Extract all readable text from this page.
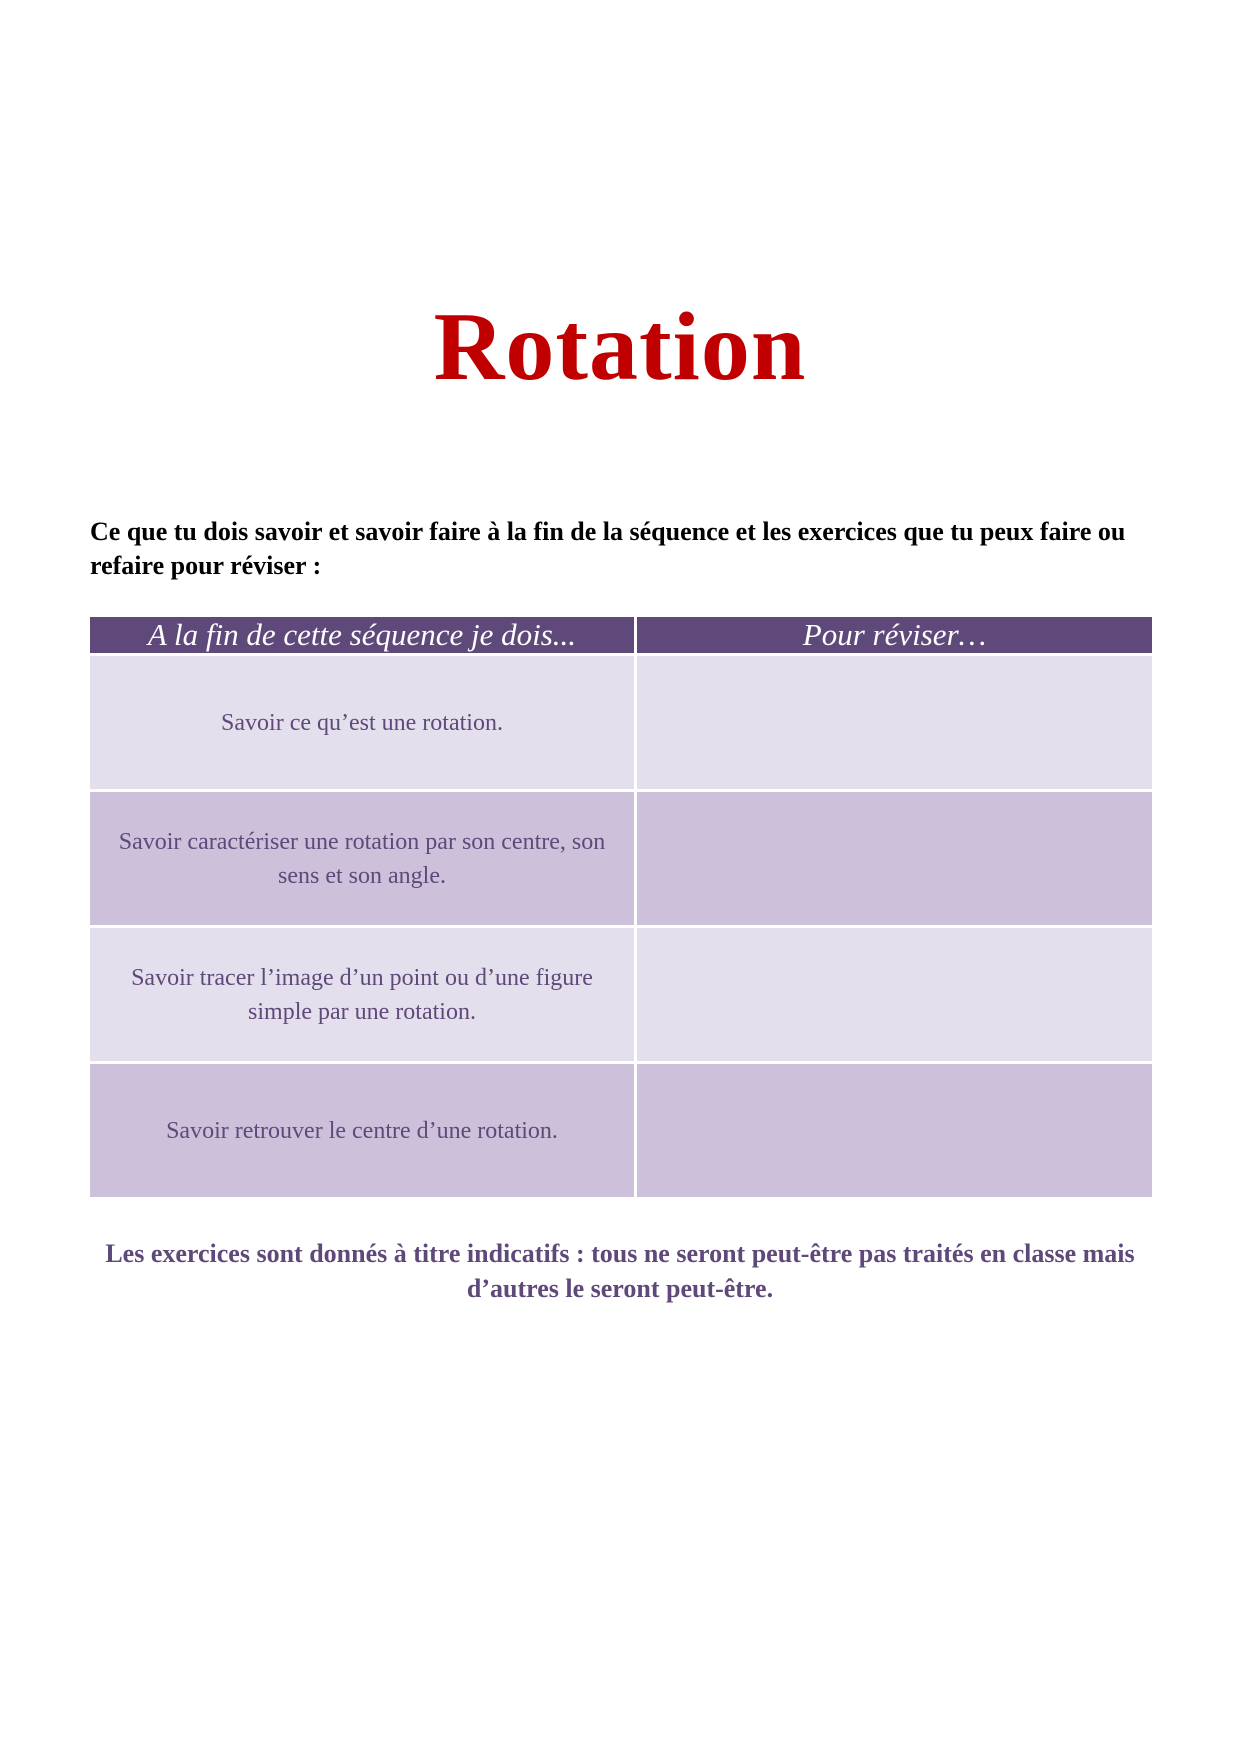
Rotation
Ce que tu dois savoir et savoir faire à la fin de la séquence et les exercices que tu peux faire ou refaire pour réviser :
A la fin de cette séquence je dois...	Pour réviser…
Savoir ce qu’est une rotation.
Savoir caractériser une rotation par son centre, son sens et son angle.
Savoir tracer l’image d’un point ou d’une figure simple par une rotation.
Savoir retrouver le centre d’une rotation.
Les exercices sont donnés à titre indicatifs : tous ne seront peut-être pas traités en classe mais d’autres le seront peut-être.
